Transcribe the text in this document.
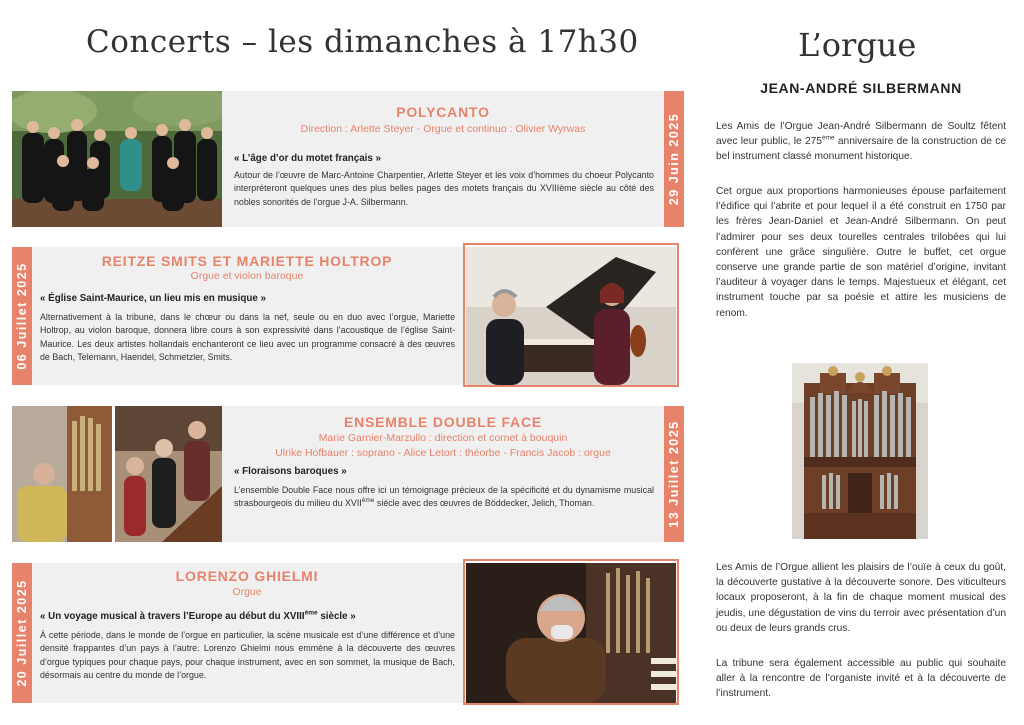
Concerts – les dimanches à 17h30	L’orgue
POLYCANTO
Direction : Arlette Steyer - Orgue et continuo : Olivier Wyrwas
« L’âge d’or du motet français »
Autour de l’œuvre de Marc-Antoine Charpentier, Arlette Steyer et les voix d’hommes du choeur Polycanto interpréteront quelques unes des plus belles pages des motets français du XVIIIème siècle au côté des nobles sonorités de l’orgue J-A. Silbermann.	29 Juin 2025
06 Juillet 2025
REITZE SMITS ET MARIETTE HOLTROP
Orgue et violon baroque
« Église Saint-Maurice, un lieu mis en musique »
Alternativement à la tribune, dans le chœur ou dans la nef, seule ou en duo avec l’orgue, Mariette Holtrop, au violon baroque, donnera libre cours à son expressivité dans l’acoustique de l’église Saint-Maurice. Les deux artistes hollandais enchanteront ce lieu avec un programme consacré à des œuvres de Bach, Telemann, Haendel, Schmetzler, Smits.
ENSEMBLE DOUBLE FACE
Marie Garnier-Marzullo : direction et cornet à bouquin
Ulrike Hofbauer : soprano - Alice Letort : théorbe - Francis Jacob : orgue
« Floraisons baroques »
L’ensemble Double Face nous offre ici un témoignage précieux de la spécificité et du dynamisme musical strasbourgeois du milieu du XVIIème siècle avec des œuvres de Böddecker, Jelich, Thoman.	13 Juillet 2025
20 Juillet 2025
LORENZO GHIELMI
Orgue
« Un voyage musical à travers l’Europe au début du XVIIIème siècle »
À cette période, dans le monde de l’orgue en particulier, la scène musicale est d’une différence et d’une densité frappantes d’un pays à l’autre. Lorenzo Ghielmi nous emmène à la découverte des œuvres d’orgue typiques pour chaque pays, pour chaque instrument, avec en son sommet, la musique de Bach, désormais au centre du monde de l’orgue.
JEAN-ANDRÉ SILBERMANN
Les Amis de l’Orgue Jean-André Silbermann de Soultz fêtent avec leur public, le 275ème anniversaire de la construction de ce bel instrument classé monument historique.
Cet orgue aux proportions harmonieuses épouse parfaitement l’édifice qui l’abrite et pour lequel il a été construit en 1750 par les frères Jean-Daniel et Jean-André Silbermann. On peut l’admirer pour ses deux tourelles centrales trilobées qui lui confèrent une grâce singulière. Outre le buffet, cet orgue conserve une grande partie de son matériel d’origine, invitant l’auditeur à voyager dans le temps. Majestueux et élégant, cet instrument touche par sa poésie et attire les musiciens de renom.
Les Amis de l’Orgue allient les plaisirs de l’ouïe à ceux du goût, la découverte gustative à la découverte sonore. Des viticulteurs locaux proposeront, à la fin de chaque moment musical des jeudis, une dégustation de vins du terroir avec présentation d’un ou deux de leurs grands crus.
La tribune sera également accessible au public qui souhaite aller à la rencontre de l’organiste invité et à la découverte de l’instrument.
